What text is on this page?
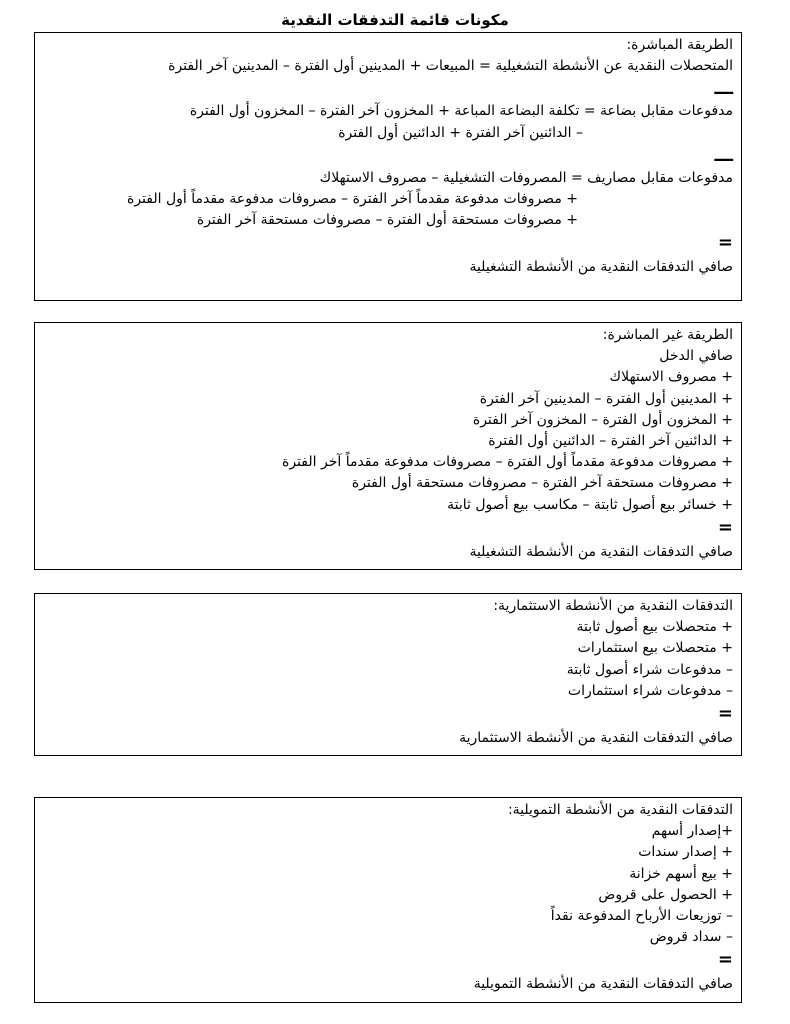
مكونات قائمة التدفقات النقدية

الطريقة المباشرة:

المتحصلات النقدية عن الأنشطة التشغيلية = المبيعات + المدينين أول الفترة – المدينين آخر الفترة

ـــ

مدفوعات مقابل بضاعة = تكلفة البضاعة المباعة + المخزون آخر الفترة – المخزون أول الفترة

– الدائنين آخر الفترة + الدائنين أول الفترة

ـــ

مدفوعات مقابل مصاريف = المصروفات التشغيلية – مصروف الاستهلاك

+ مصروفات مدفوعة مقدماً آخر الفترة – مصروفات مدفوعة مقدماً أول الفترة

+ مصروفات مستحقة أول الفترة – مصروفات مستحقة آخر الفترة

=

صافي التدفقات النقدية من الأنشطة التشغيلية

الطريقة غير المباشرة:

صافي الدخل

+ مصروف الاستهلاك

+ المدينين أول الفترة – المدينين آخر الفترة

+ المخزون أول الفترة – المخزون آخر الفترة

+ الدائنين آخر الفترة – الدائنين أول الفترة

+ مصروفات مدفوعة مقدماً أول الفترة – مصروفات مدفوعة مقدماً آخر الفترة

+ مصروفات مستحقة آخر الفترة – مصروفات مستحقة أول الفترة

+ خسائر بيع أصول ثابتة – مكاسب بيع أصول ثابتة

=

صافي التدفقات النقدية من الأنشطة التشغيلية

التدفقات النقدية من الأنشطة الاستثمارية:

+ متحصلات بيع أصول ثابتة

+ متحصلات بيع استثمارات

– مدفوعات شراء أصول ثابتة

– مدفوعات شراء استثمارات

=

صافي التدفقات النقدية من الأنشطة الاستثمارية

التدفقات النقدية من الأنشطة التمويلية:

+إصدار أسهم

+ إصدار سندات

+ بيع أسهم خزانة

+ الحصول على قروض

– توزيعات الأرباح المدفوعة نقداً

– سداد قروض

=

صافي التدفقات النقدية من الأنشطة التمويلية
